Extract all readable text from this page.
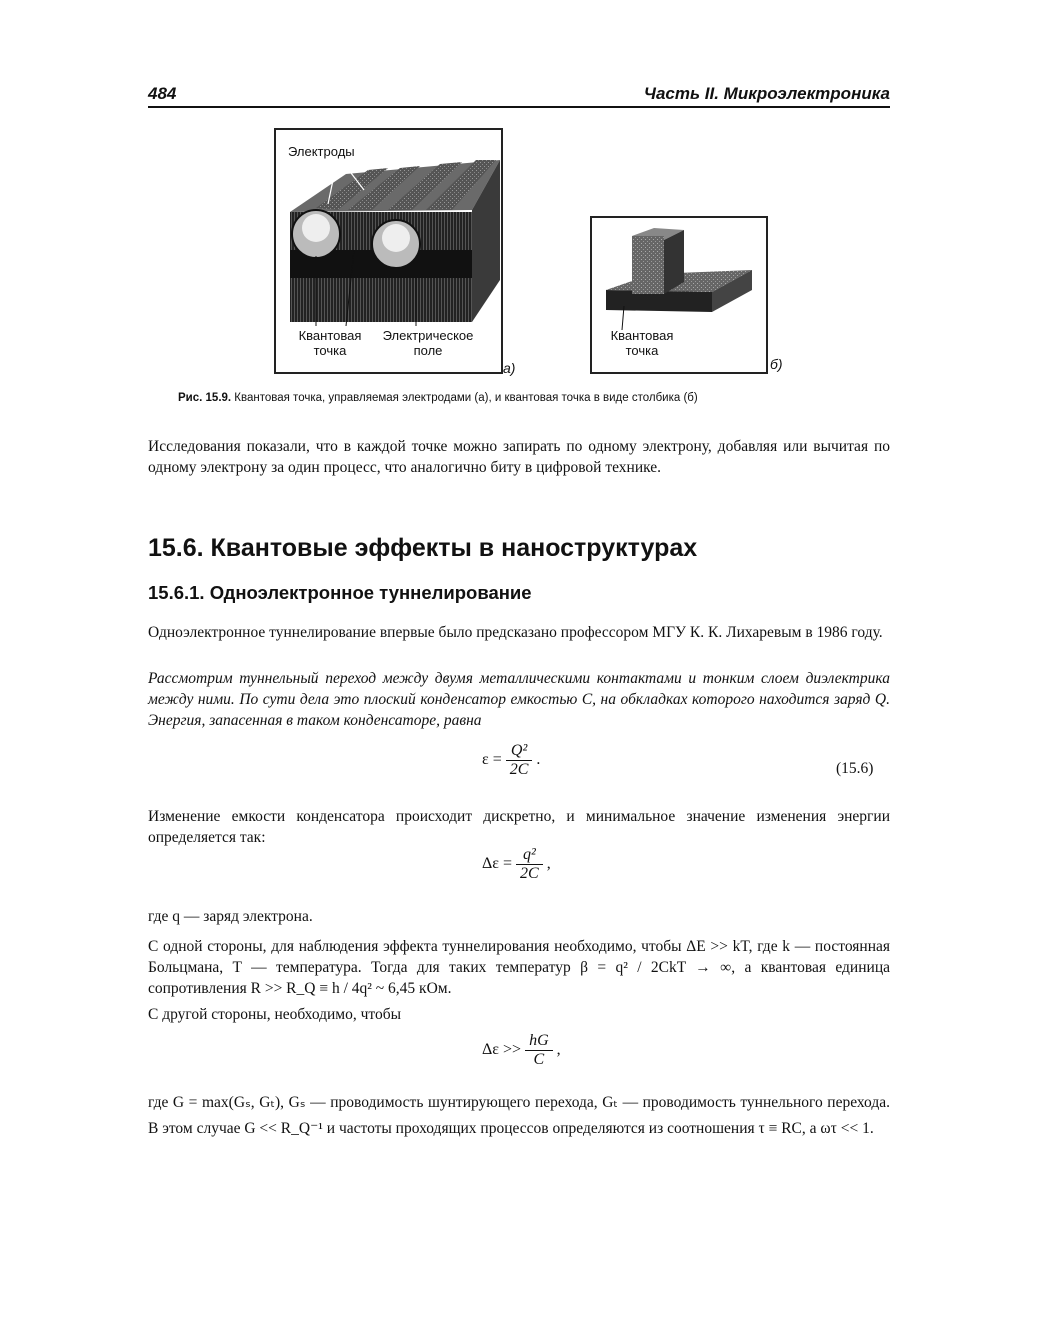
484	Часть II. Микроэлектроника
Электроды
Квантовая
точка
Электрическое
поле
а)
Квантовая
точка
б)
Рис. 15.9. Квантовая точка, управляемая электродами (а), и квантовая точка в виде столбика (б)
Исследования показали, что в каждой точке можно запирать по одному электрону, добавляя или вычитая по одному электрону за один процесс, что аналогично биту в цифровой технике.
15.6. Квантовые эффекты в наноструктурах
15.6.1. Одноэлектронное туннелирование
Одноэлектронное туннелирование впервые было предсказано профессором МГУ К. К. Лихаревым в 1986 году.
Рассмотрим туннельный переход между двумя металлическими контактами и тонким слоем диэлектрика между ними. По сути дела это плоский конденсатор емкостью C, на обкладках которого находится заряд Q. Энергия, запасенная в таком конденсаторе, равна
$\varepsilon = \frac{\text{Q²}}{2C}$ .
(15.6)
Изменение емкости конденсатора происходит дискретно, и минимальное значение изменения энергии определяется так:
$\Delta\varepsilon = \frac{\text{q²}}{2C}$ ,
где q — заряд электрона.
С одной стороны, для наблюдения эффекта туннелирования необходимо, чтобы ΔE >> kT, где k — постоянная Больцмана, T — температура. Тогда для таких температур β = q² / 2CkT → ∞, а квантовая единица сопротивления R >> R_Q ≡ h / 4q² ~ 6,45 кОм.
С другой стороны, необходимо, чтобы
$\Delta\varepsilon >> \frac{hG}{C}$ ,
где G = max(Gₛ, Gₜ), Gₛ — проводимость шунтирующего перехода, Gₜ — проводимость туннельного перехода. В этом случае G << R_Q⁻¹ и частоты проходящих процессов определяются из соотношения τ ≡ RC, а ωτ << 1.
